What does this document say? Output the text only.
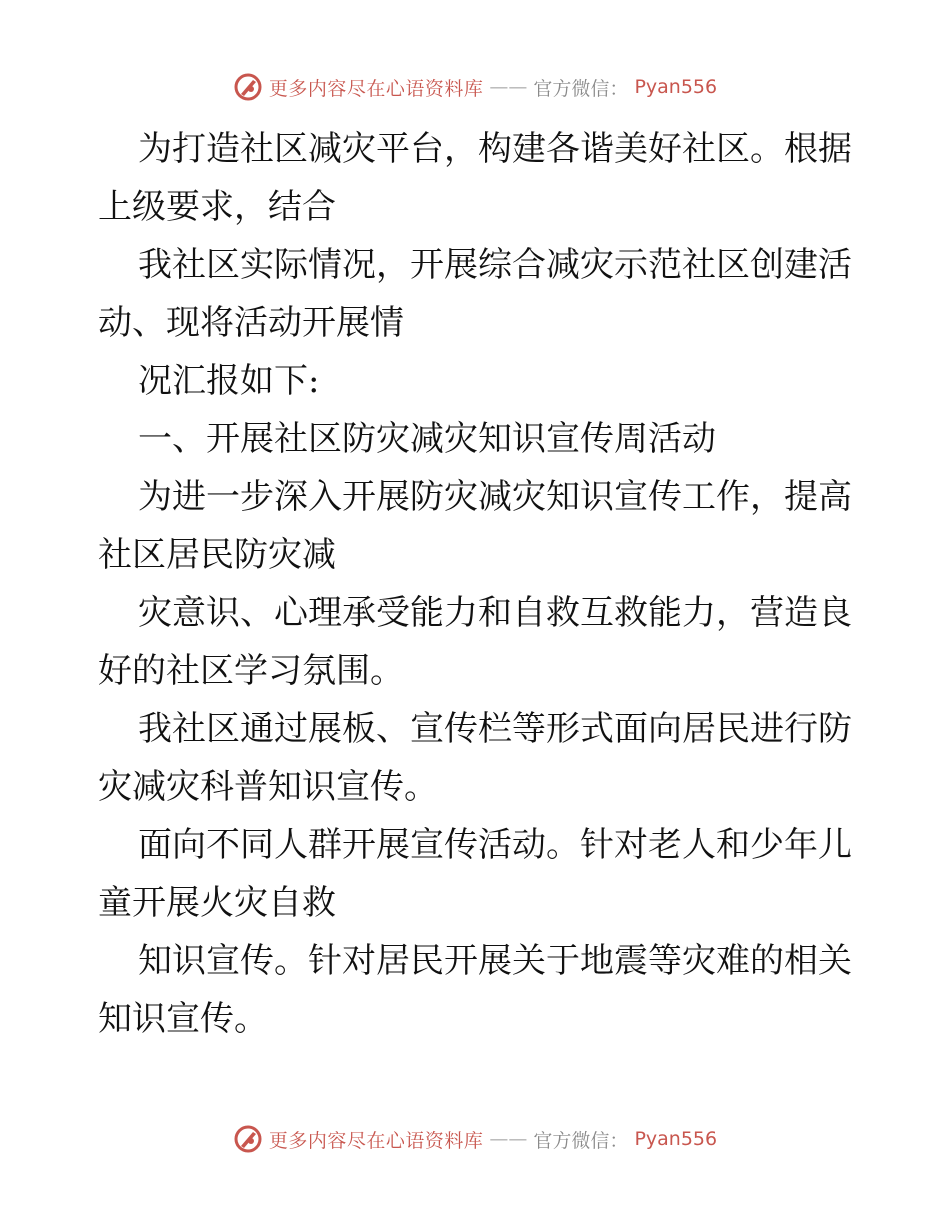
更多内容尽在心语资料库 —— 官方微信： Pyan556

为打造社区减灾平台，构建各谐美好社区。根据
上级要求，结合

我社区实际情况，开展综合减灾示范社区创建活
动、现将活动开展情

况汇报如下:

一、开展社区防灾减灾知识宣传周活动

为进一步深入开展防灾减灾知识宣传工作，提高
社区居民防灾减

灾意识、心理承受能力和自救互救能力，营造良
好的社区学习氛围。

我社区通过展板、宣传栏等形式面向居民进行防
灾减灾科普知识宣传。

面向不同人群开展宣传活动。针对老人和少年儿
童开展火灾自救

知识宣传。针对居民开展关于地震等灾难的相关
知识宣传。

更多内容尽在心语资料库 —— 官方微信： Pyan556
